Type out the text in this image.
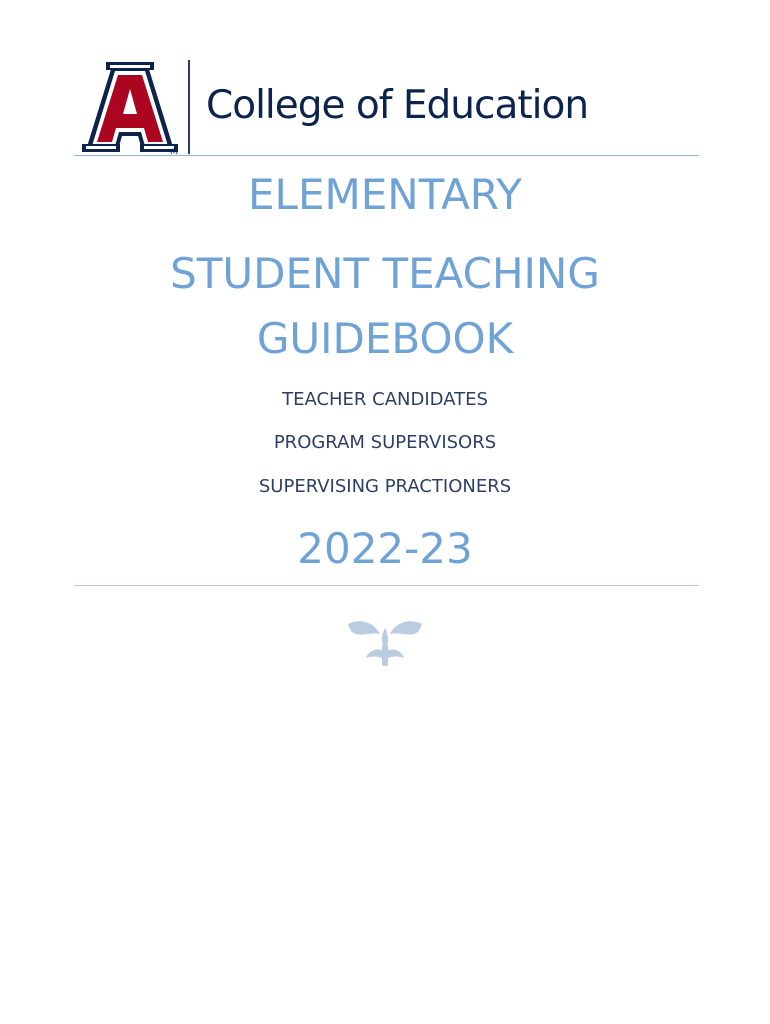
R
College of Education
ELEMENTARY
STUDENT TEACHING
GUIDEBOOK
TEACHER CANDIDATES
PROGRAM SUPERVISORS
SUPERVISING PRACTIONERS
2022-23
